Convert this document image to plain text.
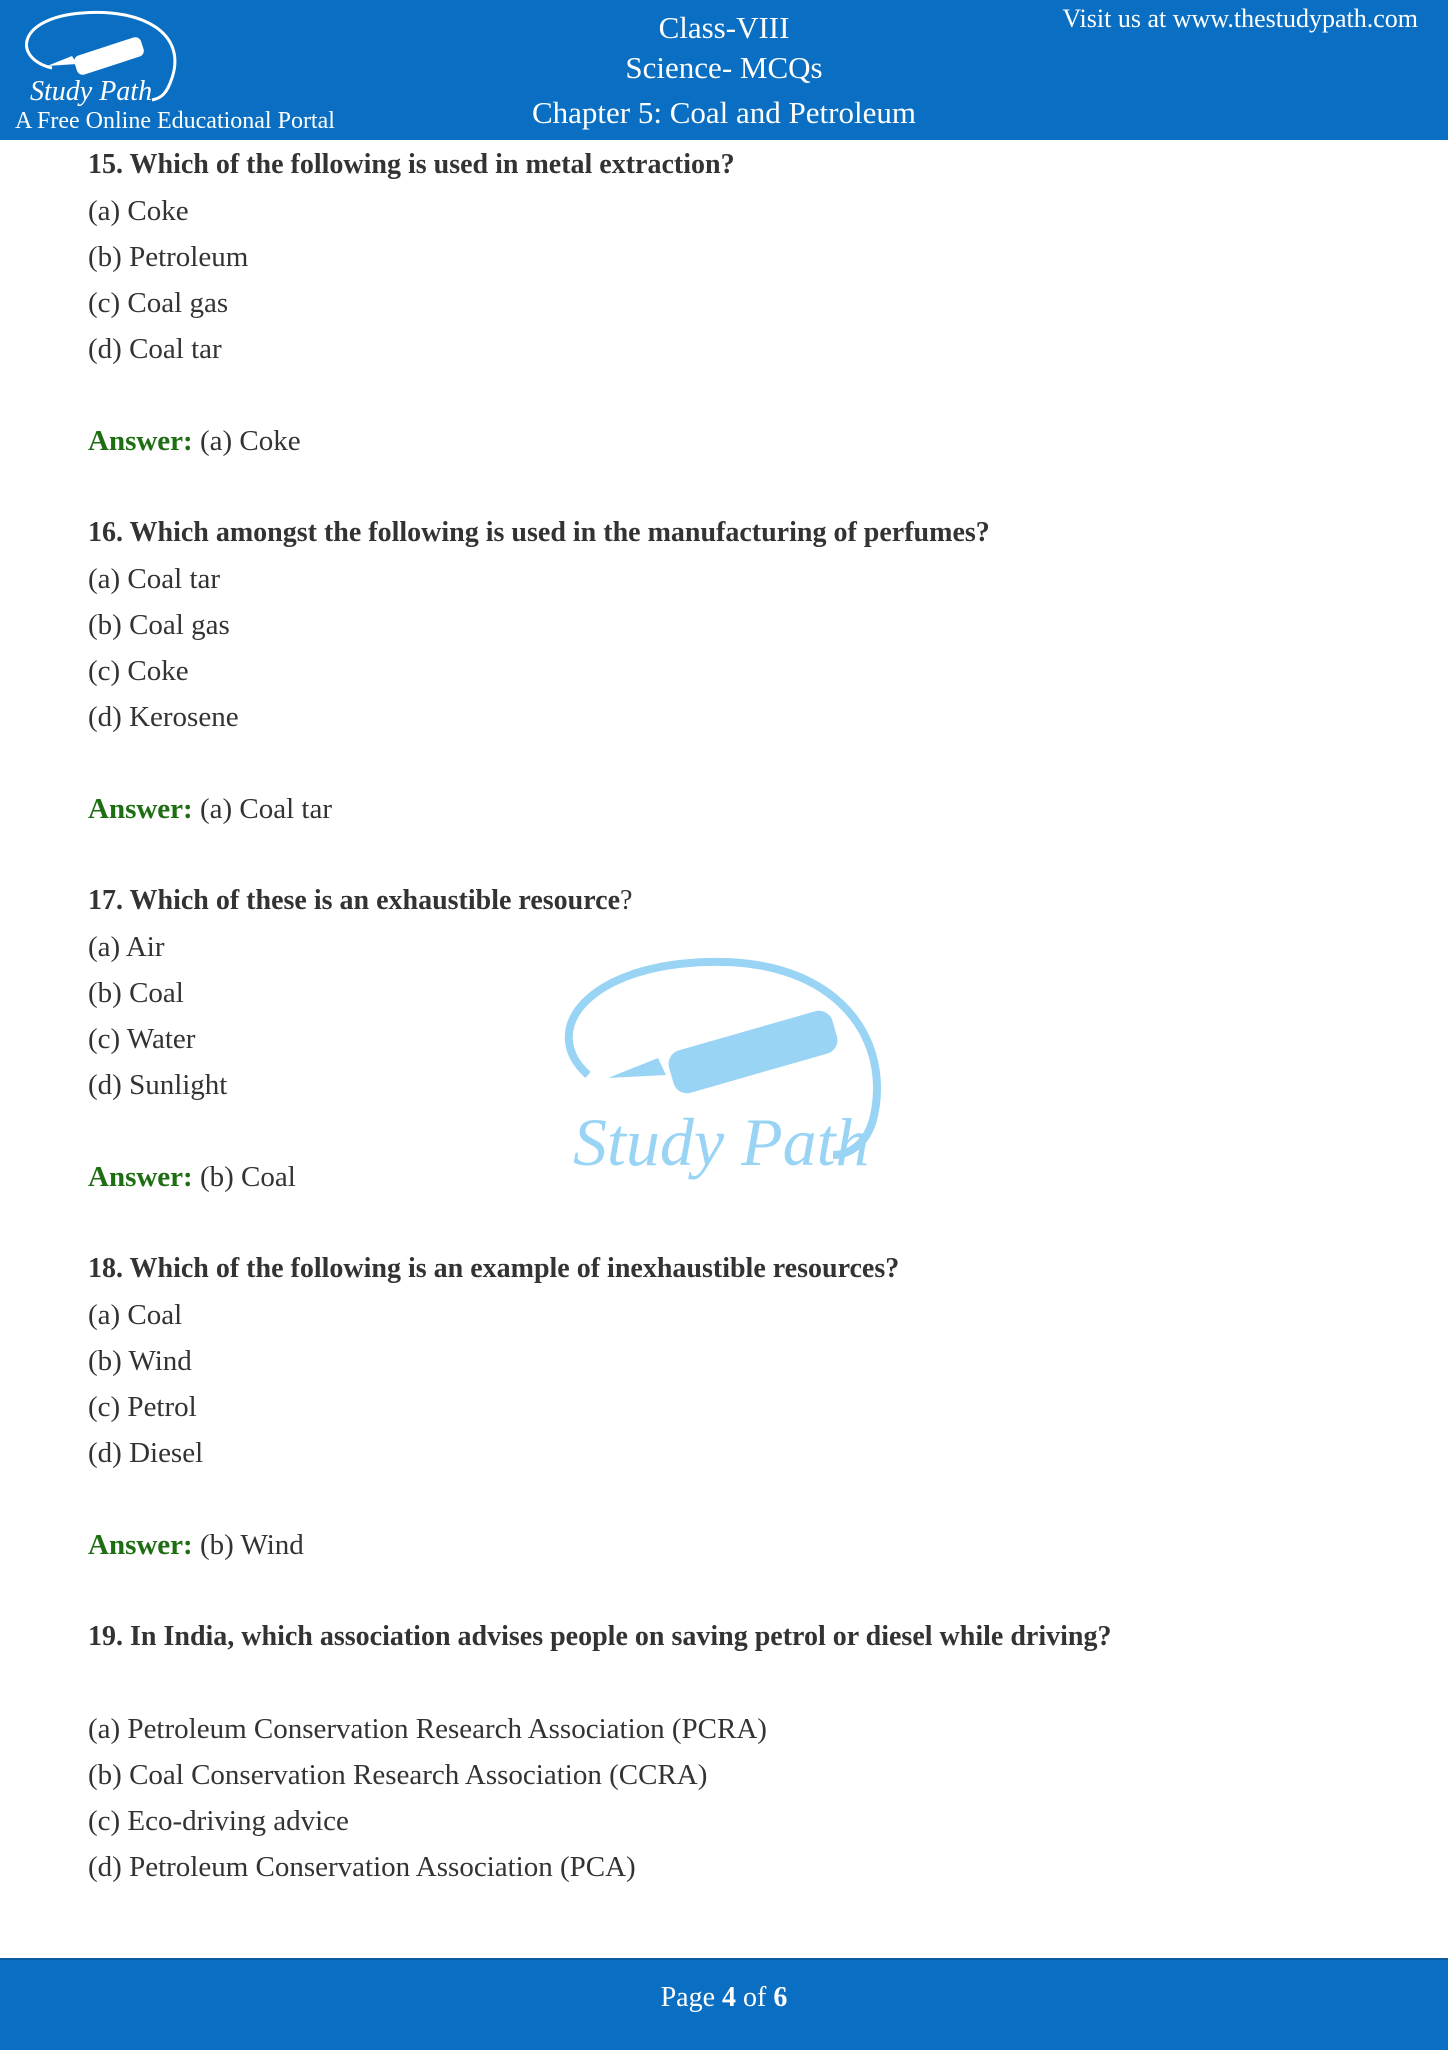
Study Path
A Free Online Educational Portal
Class-VIII
Science- MCQs
Chapter 5: Coal and Petroleum
Visit us at www.thestudypath.com
Study Path
15. Which of the following is used in metal extraction?
(a) Coke
(b) Petroleum
(c) Coal gas
(d) Coal tar
Answer: (a) Coke
16. Which amongst the following is used in the manufacturing of perfumes?
(a) Coal tar
(b) Coal gas
(c) Coke
(d) Kerosene
Answer: (a) Coal tar
17. Which of these is an exhaustible resource?
(a) Air
(b) Coal
(c) Water
(d) Sunlight
Answer: (b) Coal
18. Which of the following is an example of inexhaustible resources?
(a) Coal
(b) Wind
(c) Petrol
(d) Diesel
Answer: (b) Wind
19. In India, which association advises people on saving petrol or diesel while driving?
(a) Petroleum Conservation Research Association (PCRA)
(b) Coal Conservation Research Association (CCRA)
(c) Eco-driving advice
(d) Petroleum Conservation Association (PCA)
Page 4 of 6
